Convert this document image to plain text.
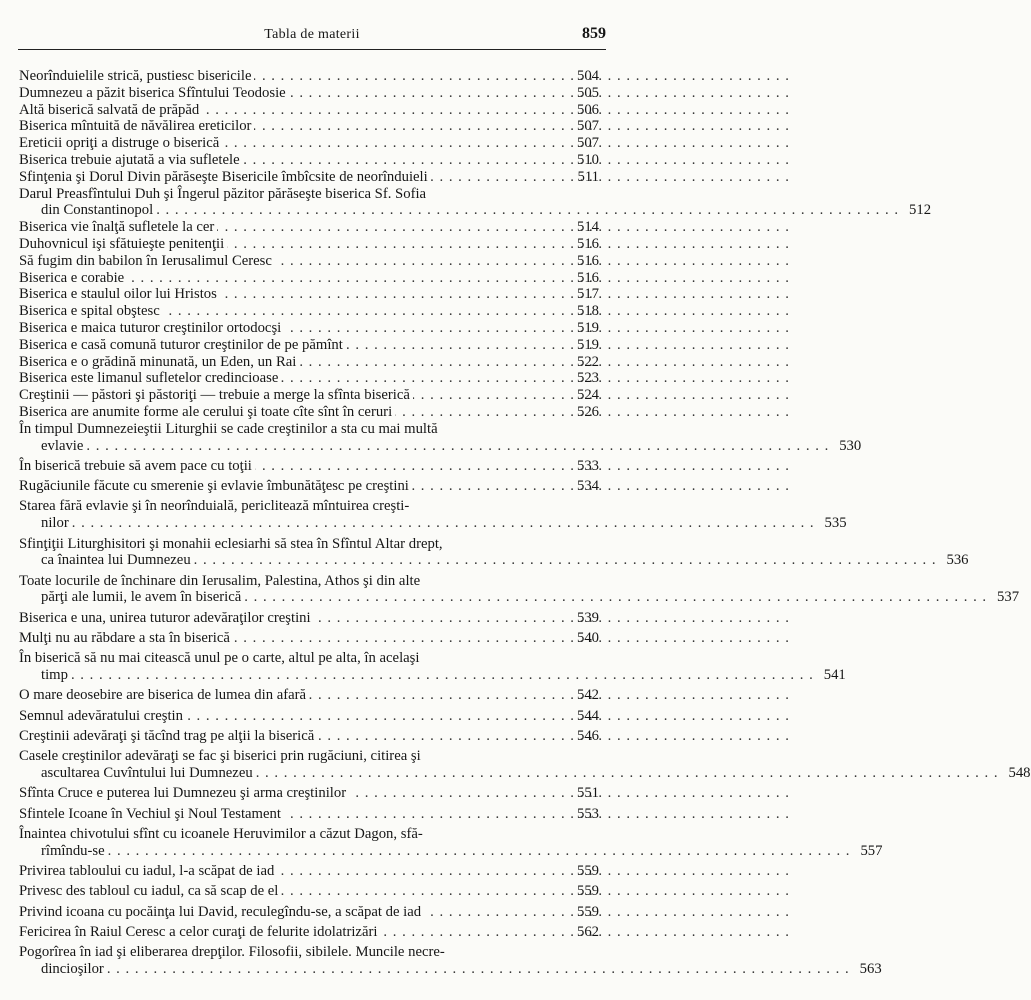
Tabla de materii	859
Neorînduielile strică, pustiesc bisericile . . .	504
Dumnezeu a păzit biserica Sfîntului Teodosie . . .	505
Altă biserică salvată de prăpăd . . .	506
Biserica mîntuită de năvălirea ereticilor . . .	507
Ereticii opriţi a distruge o biserică . . .	507
Biserica trebuie ajutată a via sufletele . . .	510
Sfinţenia şi Dorul Divin părăseşte Bisericile îmbîcsite de neorînduieli . . .	511
Darul Preasfîntului Duh şi Îngerul păzitor părăseşte biserica Sf. Sofia
din Constantinopol . . . . . . . . . . . . . . . . . . . . . . . . . . . . . . . . . . . . . . . . . . . . . . . . . . . . . . . . . . . . . . . . . . . . . . . . . . . . . . . . 512
Biserica vie înalţă sufletele la cer . . .	514
Duhovnicul işi sfătuieşte penitenţii . . .	516
Să fugim din babilon în Ierusalimul Ceresc . . .	516
Biserica e corabie . . .	516
Biserica e staulul oilor lui Hristos . . .	517
Biserica e spital obştesc . . .	518
Biserica e maica tuturor creştinilor ortodocşi . . .	519
Biserica e casă comună tuturor creştinilor de pe pămînt . . .	519
Biserica e o grădină minunată, un Eden, un Rai . . .	522
Biserica este limanul sufletelor credincioase . . .	523
Creştinii — păstori şi păstoriţi — trebuie a merge la sfînta biserică . . .	524
Biserica are anumite forme ale cerului şi toate cîte sînt în ceruri . . .	526
În timpul Dumnezeieştii Liturghii se cade creştinilor a sta cu mai multă
evlavie . . . . . . . . . . . . . . . . . . . . . . . . . . . . . . . . . . . . . . . . . . . . . . . . . . . . . . . . . . . . . . . . . . . . . . . . . . . . . . . . 530
În biserică trebuie să avem pace cu toţii . . .	533
Rugăciunile făcute cu smerenie şi evlavie îmbunătăţesc pe creştini . . .	534
Starea fără evlavie şi în neorînduială, periclitează mîntuirea creşti-
nilor . . . . . . . . . . . . . . . . . . . . . . . . . . . . . . . . . . . . . . . . . . . . . . . . . . . . . . . . . . . . . . . . . . . . . . . . . . . . . . . . 535
Sfinţiţii Liturghisitori şi monahii eclesiarhi să stea în Sfîntul Altar drept,
ca înaintea lui Dumnezeu . . . . . . . . . . . . . . . . . . . . . . . . . . . . . . . . . . . . . . . . . . . . . . . . . . . . . . . . . . . . . . . . . . . . . . . . . . . . . . . . 536
Toate locurile de închinare din Ierusalim, Palestina, Athos şi din alte
părţi ale lumii, le avem în biserică . . . . . . . . . . . . . . . . . . . . . . . . . . . . . . . . . . . . . . . . . . . . . . . . . . . . . . . . . . . . . . . . . . . . . . . . . . . . . . . . 537
Biserica e una, unirea tuturor adevăraţilor creştini . . .	539
Mulţi nu au răbdare a sta în biserică . . .	540
În biserică să nu mai citească unul pe o carte, altul pe alta, în acelaşi
timp . . . . . . . . . . . . . . . . . . . . . . . . . . . . . . . . . . . . . . . . . . . . . . . . . . . . . . . . . . . . . . . . . . . . . . . . . . . . . . . . 541
O mare deosebire are biserica de lumea din afară . . .	542
Semnul adevăratului creştin . . .	544
Creştinii adevăraţi şi tăcînd trag pe alţii la biserică . . .	546
Casele creştinilor adevăraţi se fac şi biserici prin rugăciuni, citirea şi
ascultarea Cuvîntului lui Dumnezeu . . . . . . . . . . . . . . . . . . . . . . . . . . . . . . . . . . . . . . . . . . . . . . . . . . . . . . . . . . . . . . . . . . . . . . . . . . . . . . . . 548
Sfînta Cruce e puterea lui Dumnezeu şi arma creştinilor . . .	551
Sfintele Icoane în Vechiul şi Noul Testament . . .	553
Înaintea chivotului sfînt cu icoanele Heruvimilor a căzut Dagon, sfă-
rîmîndu-se . . . . . . . . . . . . . . . . . . . . . . . . . . . . . . . . . . . . . . . . . . . . . . . . . . . . . . . . . . . . . . . . . . . . . . . . . . . . . . . . 557
Privirea tabloului cu iadul, l-a scăpat de iad . . .	559
Privesc des tabloul cu iadul, ca să scap de el . . .	559
Privind icoana cu pocăinţa lui David, reculegîndu-se, a scăpat de iad . . .	559
Fericirea în Raiul Ceresc a celor curaţi de felurite idolatrizări . . .	562
Pogorîrea în iad şi eliberarea drepţilor. Filosofii, sibilele. Muncile necre-
dincioşilor . . . . . . . . . . . . . . . . . . . . . . . . . . . . . . . . . . . . . . . . . . . . . . . . . . . . . . . . . . . . . . . . . . . . . . . . . . . . . . . . 563
